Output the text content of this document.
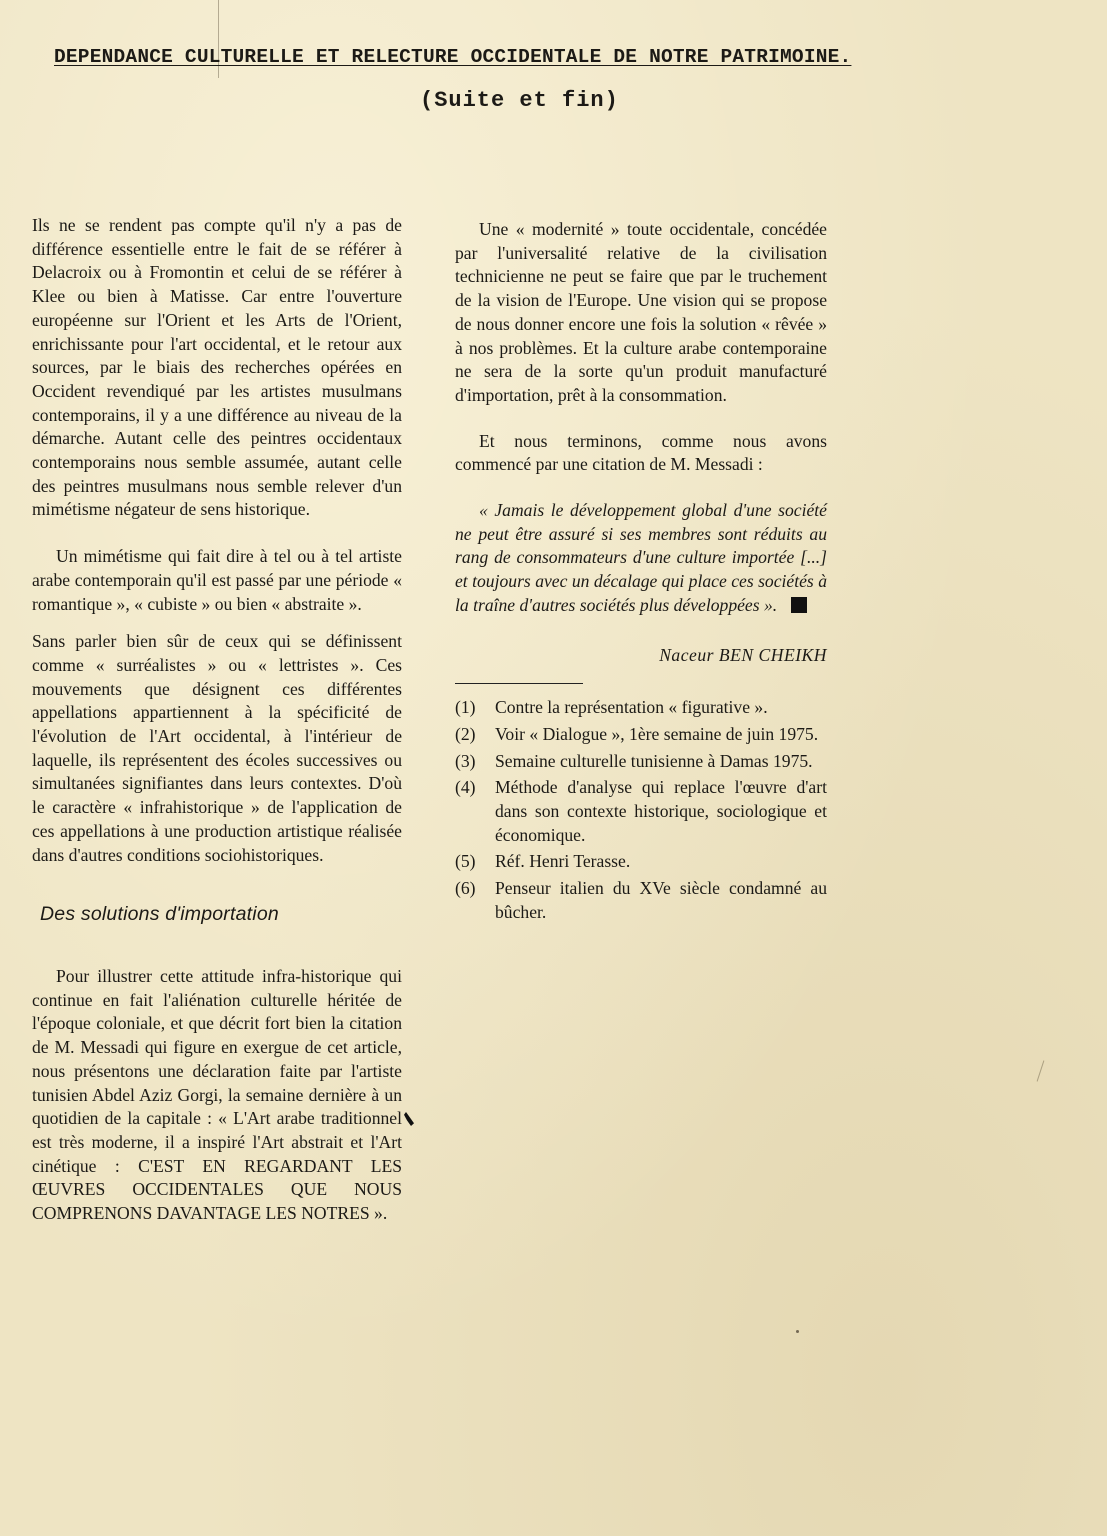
DEPENDANCE CULTURELLE ET RELECTURE OCCIDENTALE DE NOTRE PATRIMOINE.
(Suite et fin)

Ils ne se rendent pas compte qu'il n'y a pas de différence essentielle entre le fait de se référer à Delacroix ou à Fromontin et celui de se référer à Klee ou bien à Matisse. Car entre l'ouverture européenne sur l'Orient et les Arts de l'Orient, enrichissante pour l'art occidental, et le retour aux sources, par le biais des recherches opérées en Occident revendiqué par les artistes musulmans contemporains, il y a une différence au niveau de la démarche. Autant celle des peintres occidentaux contemporains nous semble assumée, autant celle des peintres musulmans nous semble relever d'un mimétisme négateur de sens historique.

Un mimétisme qui fait dire à tel ou à tel artiste arabe contemporain qu'il est passé par une période « romantique », « cubiste » ou bien « abstraite ».

Sans parler bien sûr de ceux qui se définissent comme « surréalistes » ou « lettristes ». Ces mouvements que désignent ces différentes appellations appartiennent à la spécificité de l'évolution de l'Art occidental, à l'intérieur de laquelle, ils représentent des écoles successives ou simultanées signifiantes dans leurs contextes. D'où le caractère « infrahistorique » de l'application de ces appellations à une production artistique réalisée dans d'autres conditions sociohistoriques.

Des solutions d'importation

Pour illustrer cette attitude infra-historique qui continue en fait l'aliénation culturelle héritée de l'époque coloniale, et que décrit fort bien la citation de M. Messadi qui figure en exergue de cet article, nous présentons une déclaration faite par l'artiste tunisien Abdel Aziz Gorgi, la semaine dernière à un quotidien de la capitale : « L'Art arabe traditionnel est très moderne, il a inspiré l'Art abstrait et l'Art cinétique : C'EST EN REGARDANT LES ŒUVRES OCCIDENTALES QUE NOUS COMPRENONS DAVANTAGE LES NOTRES ».

Une « modernité » toute occidentale, concédée par l'universalité relative de la civilisation technicienne ne peut se faire que par le truchement de la vision de l'Europe. Une vision qui se propose de nous donner encore une fois la solution « rêvée » à nos problèmes. Et la culture arabe contemporaine ne sera de la sorte qu'un produit manufacturé d'importation, prêt à la consommation.

Et nous terminons, comme nous avons commencé par une citation de M. Messadi :

« Jamais le développement global d'une société ne peut être assuré si ses membres sont réduits au rang de consommateurs d'une culture importée [...] et toujours avec un décalage qui place ces sociétés à la traîne d'autres sociétés plus développées ».

Naceur BEN CHEIKH

(1)	Contre la représentation « figurative ».
(2)	Voir « Dialogue », 1ère semaine de juin 1975.
(3)	Semaine culturelle tunisienne à Damas 1975.
(4)	Méthode d'analyse qui replace l'œuvre d'art dans son contexte historique, sociologique et économique.
(5)	Réf. Henri Terasse.
(6)	Penseur italien du XVe siècle condamné au bûcher.
